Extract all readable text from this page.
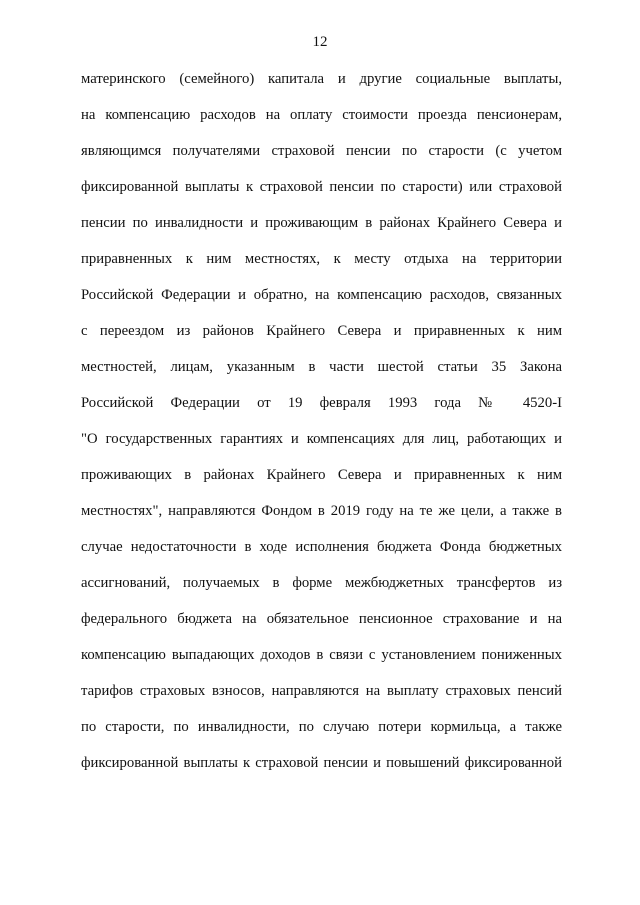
12
материнского (семейного) капитала и другие социальные выплаты,
на компенсацию расходов на оплату стоимости проезда пенсионерам,
являющимся получателями страховой пенсии по старости (с учетом
фиксированной выплаты к страховой пенсии по старости) или страховой
пенсии по инвалидности и проживающим в районах Крайнего Севера и
приравненных к ним местностях, к месту отдыха на территории
Российской Федерации и обратно, на компенсацию расходов, связанных
с переездом из районов Крайнего Севера и приравненных к ним
местностей, лицам, указанным в части шестой статьи 35 Закона
Российской Федерации от 19 февраля 1993 года № 4520-I
"О государственных гарантиях и компенсациях для лиц, работающих и
проживающих в районах Крайнего Севера и приравненных к ним
местностях", направляются Фондом в 2019 году на те же цели, а также в
случае недостаточности в ходе исполнения бюджета Фонда бюджетных
ассигнований, получаемых в форме межбюджетных трансфертов из
федерального бюджета на обязательное пенсионное страхование и на
компенсацию выпадающих доходов в связи с установлением пониженных
тарифов страховых взносов, направляются на выплату страховых пенсий
по старости, по инвалидности, по случаю потери кормильца, а также
фиксированной выплаты к страховой пенсии и повышений фиксированной
